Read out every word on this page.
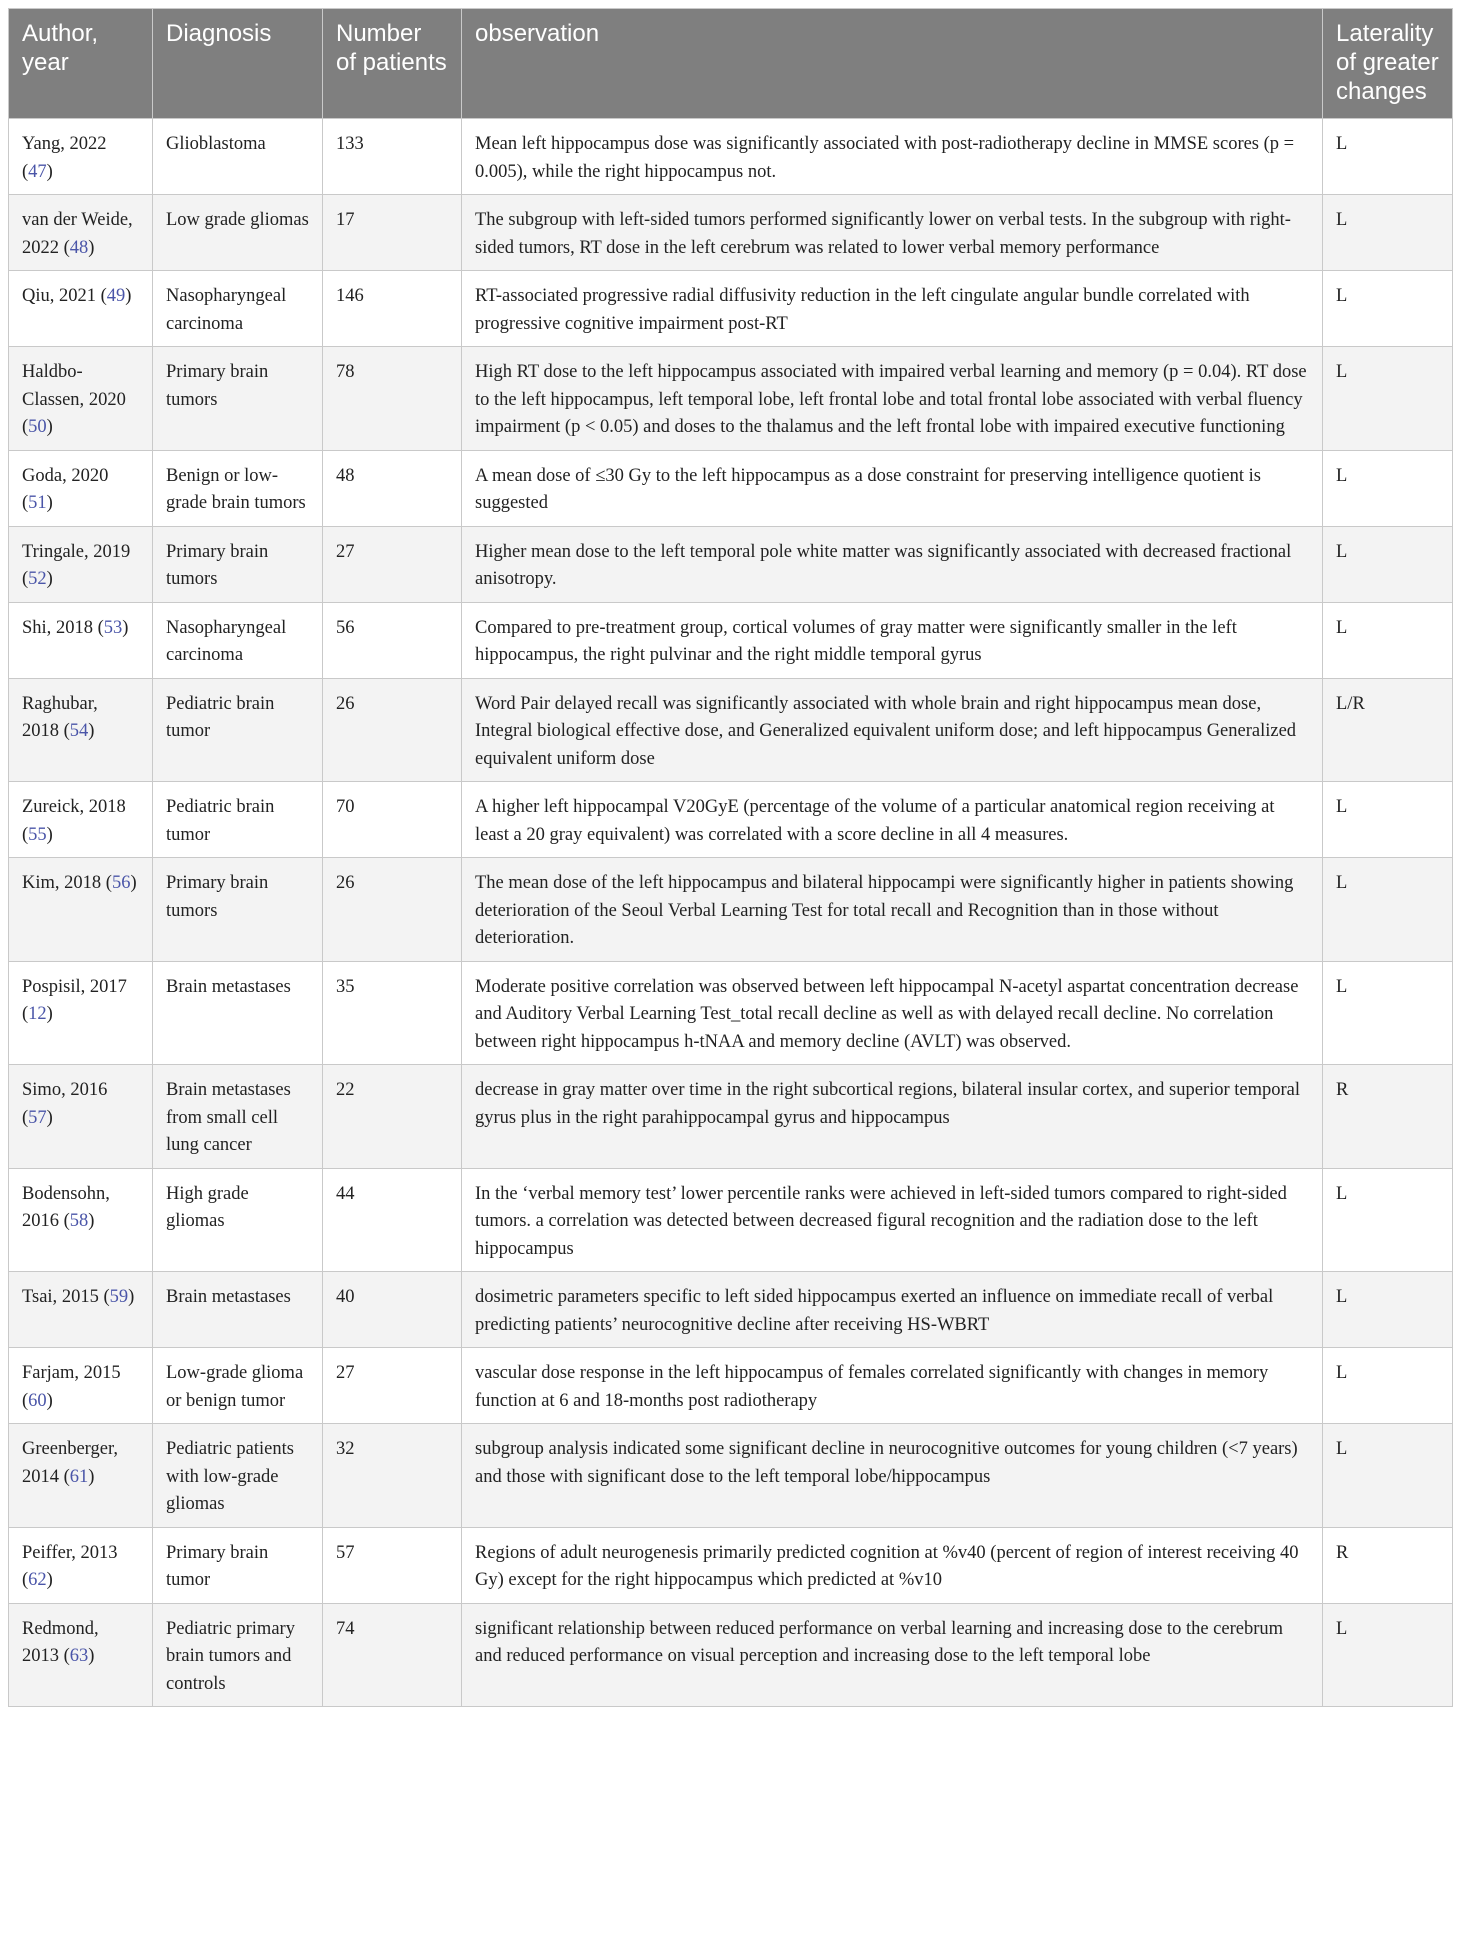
Author, year	Diagnosis	Number of patients	observation	Laterality of greater changes
Yang, 2022 (47)	Glioblastoma	133	Mean left hippocampus dose was significantly associated with post-radiotherapy decline in MMSE scores (p = 0.005), while the right hippocampus not.	L
van der Weide, 2022 (48)	Low grade gliomas	17	The subgroup with left-sided tumors performed significantly lower on verbal tests. In the subgroup with right-sided tumors, RT dose in the left cerebrum was related to lower verbal memory performance	L
Qiu, 2021 (49)	Nasopharyngeal carcinoma	146	RT-associated progressive radial diffusivity reduction in the left cingulate angular bundle correlated with progressive cognitive impairment post-RT	L
Haldbo-Classen, 2020 (50)	Primary brain tumors	78	High RT dose to the left hippocampus associated with impaired verbal learning and memory (p = 0.04). RT dose to the left hippocampus, left temporal lobe, left frontal lobe and total frontal lobe associated with verbal fluency impairment (p < 0.05) and doses to the thalamus and the left frontal lobe with impaired executive functioning	L
Goda, 2020 (51)	Benign or low-grade brain tumors	48	A mean dose of ≤30 Gy to the left hippocampus as a dose constraint for preserving intelligence quotient is suggested	L
Tringale, 2019 (52)	Primary brain tumors	27	Higher mean dose to the left temporal pole white matter was significantly associated with decreased fractional anisotropy.	L
Shi, 2018 (53)	Nasopharyngeal carcinoma	56	Compared to pre-treatment group, cortical volumes of gray matter were significantly smaller in the left hippocampus, the right pulvinar and the right middle temporal gyrus	L
Raghubar, 2018 (54)	Pediatric brain tumor	26	Word Pair delayed recall was significantly associated with whole brain and right hippocampus mean dose, Integral biological effective dose, and Generalized equivalent uniform dose; and left hippocampus Generalized equivalent uniform dose	L/R
Zureick, 2018 (55)	Pediatric brain tumor	70	A higher left hippocampal V20GyE (percentage of the volume of a particular anatomical region receiving at least a 20 gray equivalent) was correlated with a score decline in all 4 measures.	L
Kim, 2018 (56)	Primary brain tumors	26	The mean dose of the left hippocampus and bilateral hippocampi were significantly higher in patients showing deterioration of the Seoul Verbal Learning Test for total recall and Recognition than in those without deterioration.	L
Pospisil, 2017 (12)	Brain metastases	35	Moderate positive correlation was observed between left hippocampal N-acetyl aspartat concentration decrease and Auditory Verbal Learning Test_total recall decline as well as with delayed recall decline. No correlation between right hippocampus h-tNAA and memory decline (AVLT) was observed.	L
Simo, 2016 (57)	Brain metastases from small cell lung cancer	22	decrease in gray matter over time in the right subcortical regions, bilateral insular cortex, and superior temporal gyrus plus in the right parahippocampal gyrus and hippocampus	R
Bodensohn, 2016 (58)	High grade gliomas	44	In the ‘verbal memory test’ lower percentile ranks were achieved in left-sided tumors compared to right-sided tumors. a correlation was detected between decreased figural recognition and the radiation dose to the left hippocampus	L
Tsai, 2015 (59)	Brain metastases	40	dosimetric parameters specific to left sided hippocampus exerted an influence on immediate recall of verbal predicting patients’ neurocognitive decline after receiving HS-WBRT	L
Farjam, 2015 (60)	Low-grade glioma or benign tumor	27	vascular dose response in the left hippocampus of females correlated significantly with changes in memory function at 6 and 18-months post radiotherapy	L
Greenberger, 2014 (61)	Pediatric patients with low-grade gliomas	32	subgroup analysis indicated some significant decline in neurocognitive outcomes for young children (<7 years) and those with significant dose to the left temporal lobe/hippocampus	L
Peiffer, 2013 (62)	Primary brain tumor	57	Regions of adult neurogenesis primarily predicted cognition at %v40 (percent of region of interest receiving 40 Gy) except for the right hippocampus which predicted at %v10	R
Redmond, 2013 (63)	Pediatric primary brain tumors and controls	74	significant relationship between reduced performance on verbal learning and increasing dose to the cerebrum and reduced performance on visual perception and increasing dose to the left temporal lobe	L
